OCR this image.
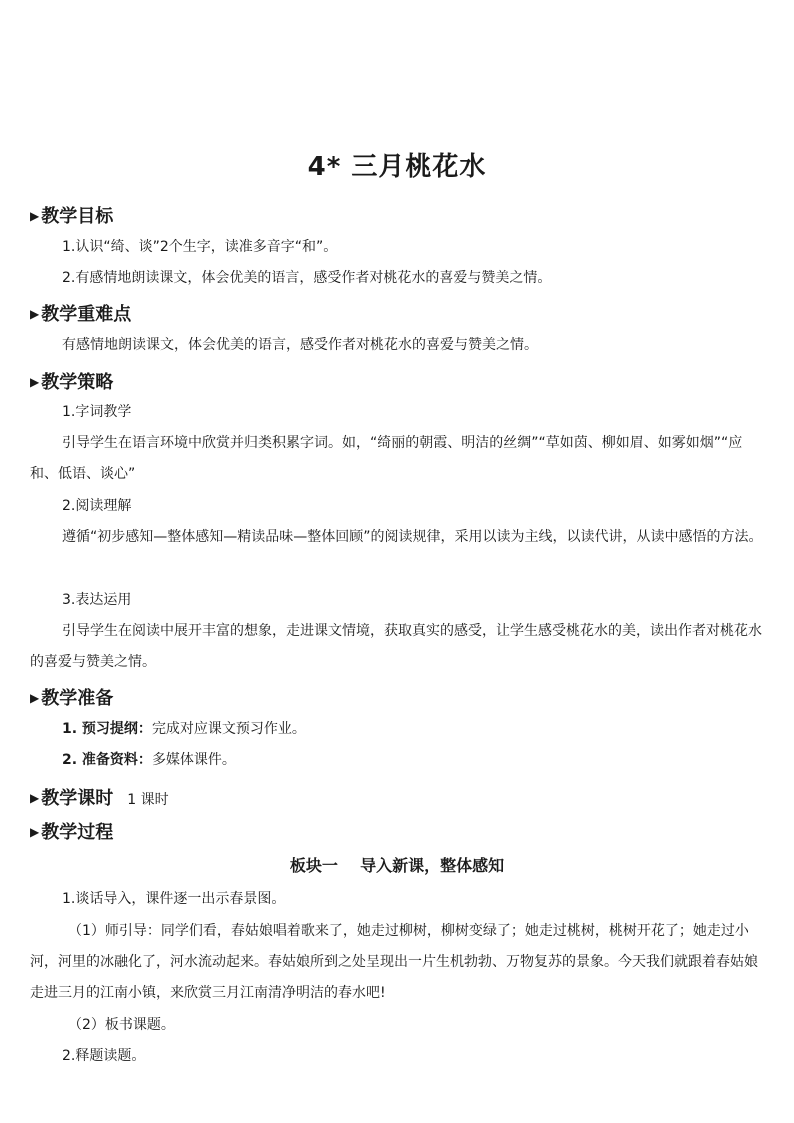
4* 三月桃花水
▶ 教学目标
1.认识“绮、谈”2个生字，读准多音字“和”。
2.有感情地朗读课文，体会优美的语言，感受作者对桃花水的喜爱与赞美之情。
▶ 教学重难点
有感情地朗读课文，体会优美的语言，感受作者对桃花水的喜爱与赞美之情。
▶ 教学策略
1.字词教学
引导学生在语言环境中欣赏并归类积累字词。如，“绮丽的朝霞、明洁的丝绸”“草如茵、柳如眉、如雾如烟”“应和、低语、谈心”
2.阅读理解
遵循“初步感知—整体感知—精读品味—整体回顾”的阅读规律，采用以读为主线，以读代讲，从读中感悟的方法。
3.表达运用
引导学生在阅读中展开丰富的想象，走进课文情境，获取真实的感受，让学生感受桃花水的美，读出作者对桃花水的喜爱与赞美之情。
▶ 教学准备
1. 预习提纲：完成对应课文预习作业。
2. 准备资料：多媒体课件。
▶ 教学课时 1 课时
▶ 教学过程
板块一    导入新课，整体感知
1.谈话导入，课件逐一出示春景图。
（1）师引导：同学们看，春姑娘唱着歌来了，她走过柳树，柳树变绿了；她走过桃树，桃树开花了；她走过小河，河里的冰融化了，河水流动起来。春姑娘所到之处呈现出一片生机勃勃、万物复苏的景象。今天我们就跟着春姑娘走进三月的江南小镇，来欣赏三月江南清净明洁的春水吧!
（2）板书课题。
2.释题读题。
